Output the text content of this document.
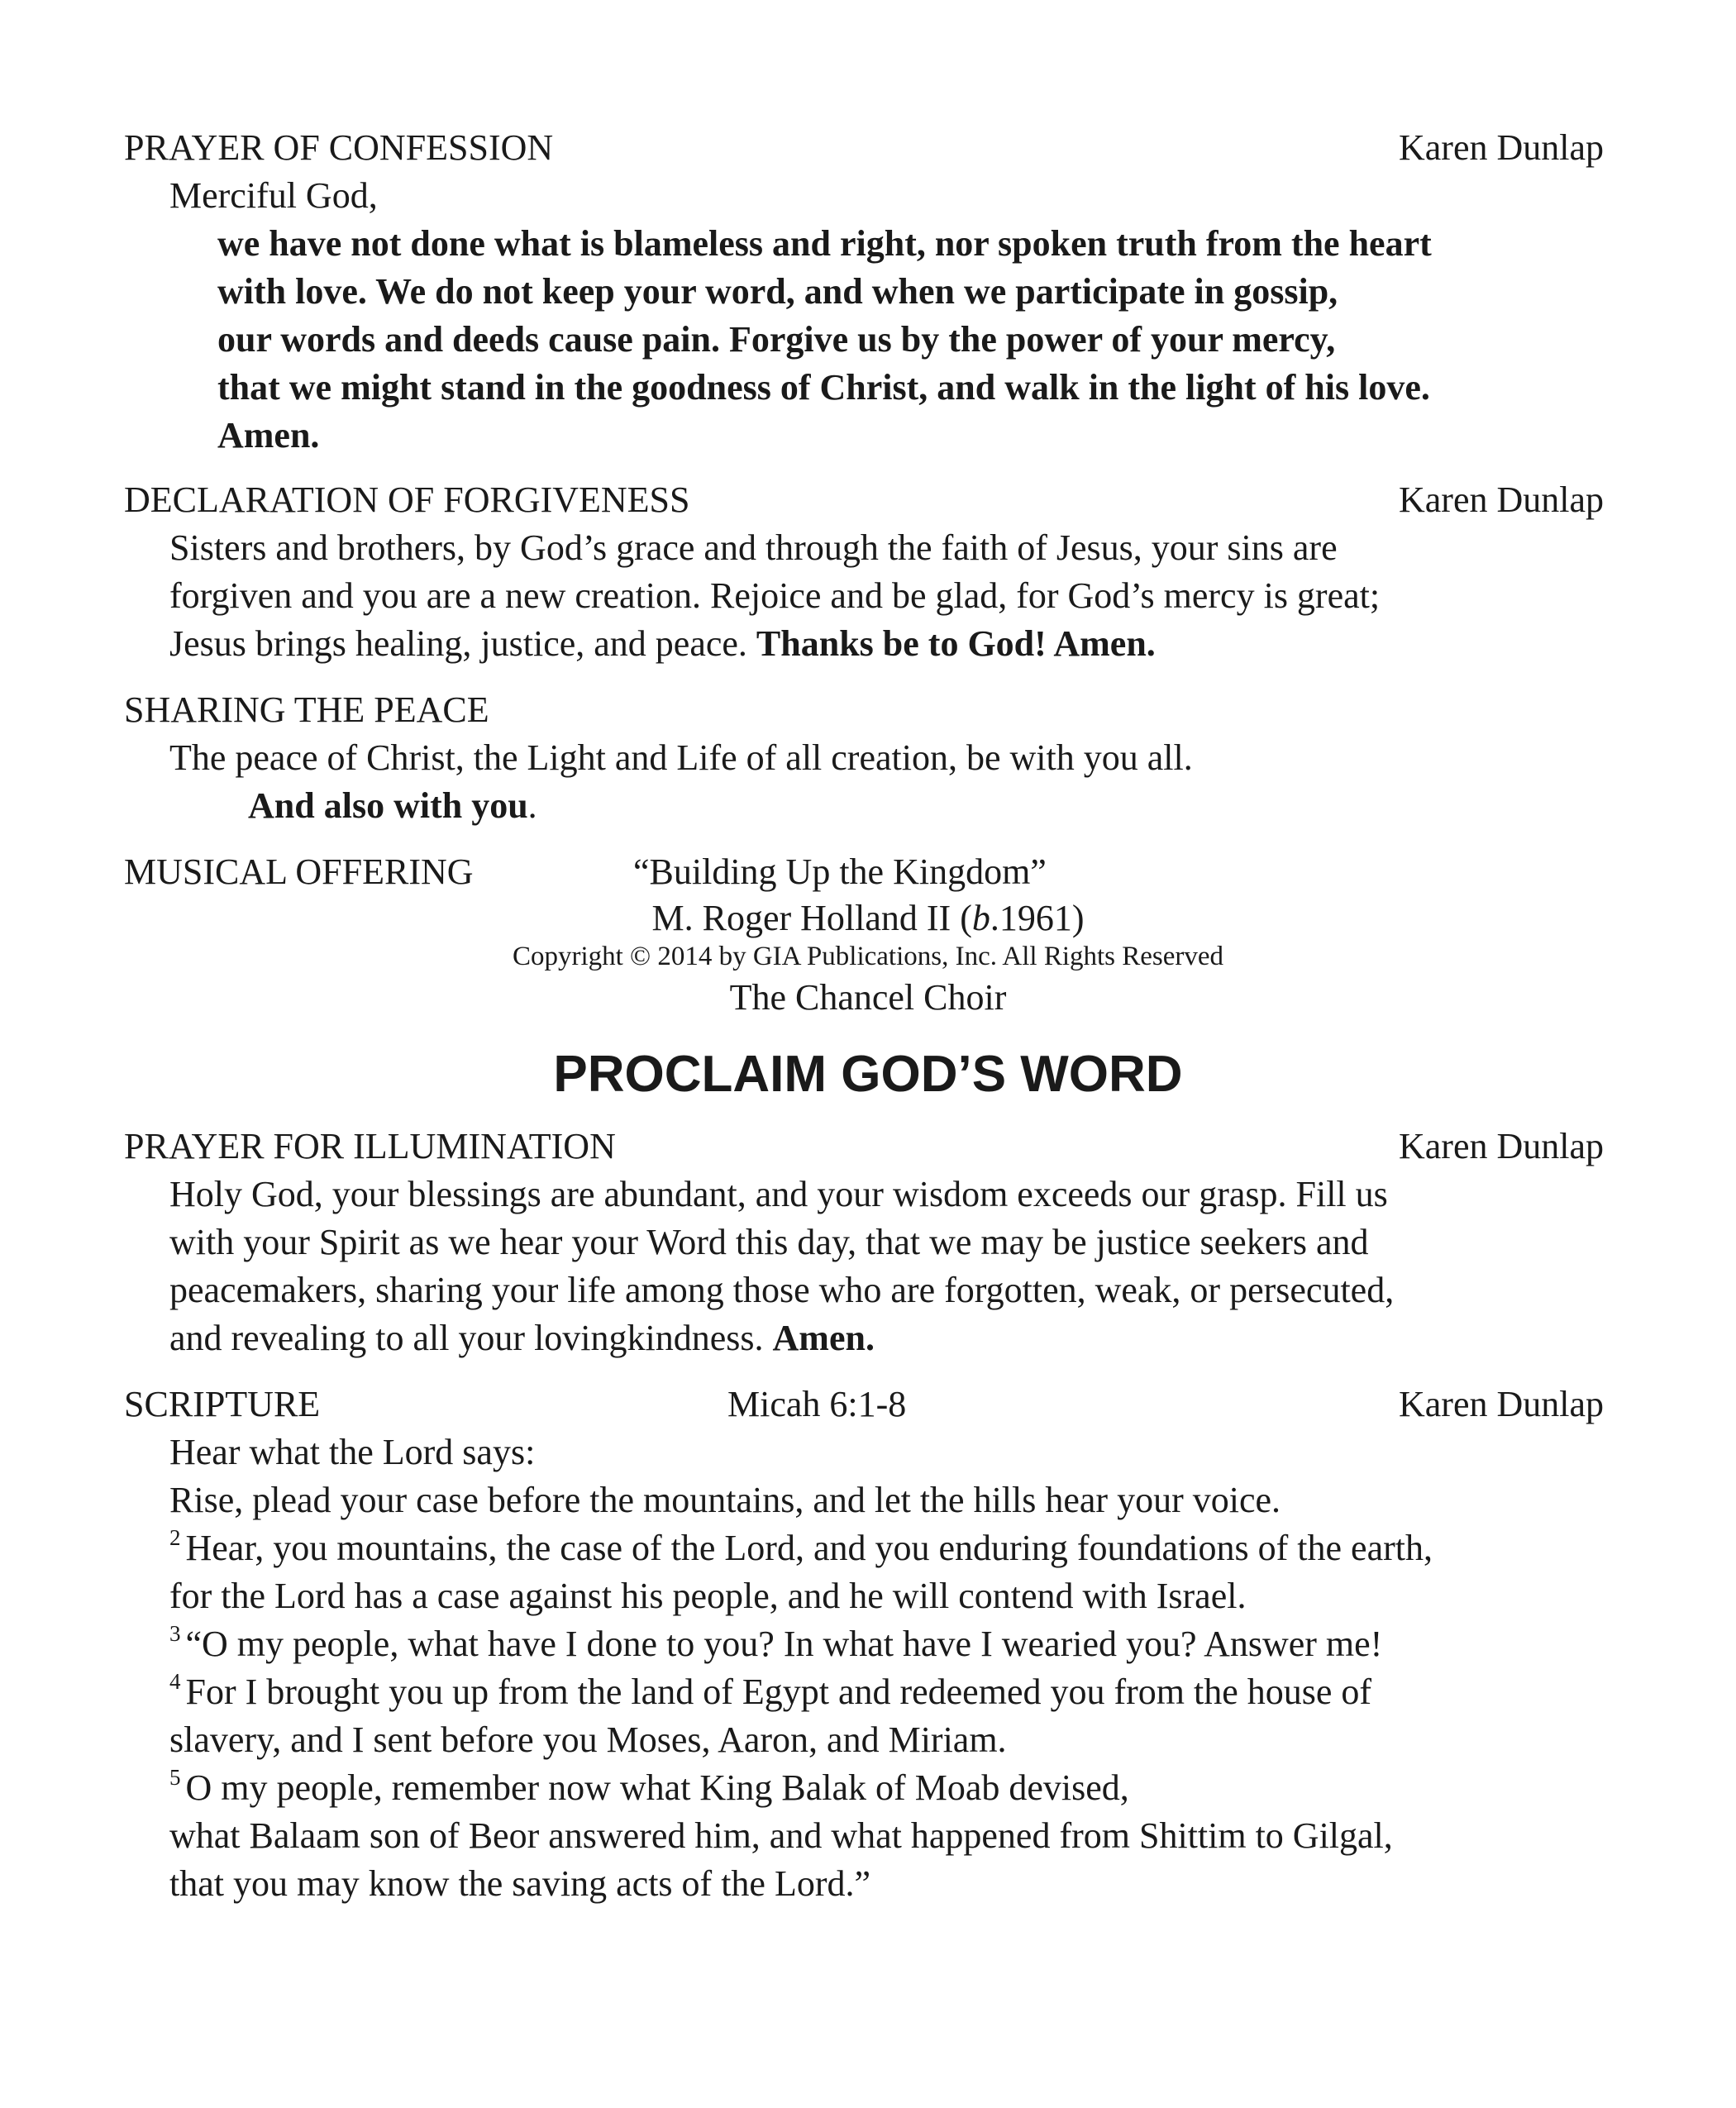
PRAYER OF CONFESSION	Karen Dunlap
Merciful God,
we have not done what is blameless and right, nor spoken truth from the heart
with love. We do not keep your word, and when we participate in gossip,
our words and deeds cause pain. Forgive us by the power of your mercy,
that we might stand in the goodness of Christ, and walk in the light of his love.
Amen.
DECLARATION OF FORGIVENESS	Karen Dunlap
Sisters and brothers, by God’s grace and through the faith of Jesus, your sins are
forgiven and you are a new creation. Rejoice and be glad, for God’s mercy is great;
Jesus brings healing, justice, and peace. Thanks be to God! Amen.
SHARING THE PEACE
The peace of Christ, the Light and Life of all creation, be with you all.
And also with you.
MUSICAL OFFERING	“Building Up the Kingdom”
M. Roger Holland II (b.1961)
Copyright © 2014 by GIA Publications, Inc. All Rights Reserved
The Chancel Choir
PROCLAIM GOD’S WORD
PRAYER FOR ILLUMINATION	Karen Dunlap
Holy God, your blessings are abundant, and your wisdom exceeds our grasp. Fill us
with your Spirit as we hear your Word this day, that we may be justice seekers and
peacemakers, sharing your life among those who are forgotten, weak, or persecuted,
and revealing to all your lovingkindness. Amen.
SCRIPTURE	Micah 6:1-8	Karen Dunlap
Hear what the Lord says:
Rise, plead your case before the mountains, and let the hills hear your voice.
$^2$ Hear, you mountains, the case of the Lord, and you enduring foundations of the earth,
for the Lord has a case against his people, and he will contend with Israel.
$^3$ “O my people, what have I done to you? In what have I wearied you? Answer me!
$^4$ For I brought you up from the land of Egypt and redeemed you from the house of
slavery, and I sent before you Moses, Aaron, and Miriam.
$^5$ O my people, remember now what King Balak of Moab devised,
what Balaam son of Beor answered him, and what happened from Shittim to Gilgal,
that you may know the saving acts of the Lord.”
